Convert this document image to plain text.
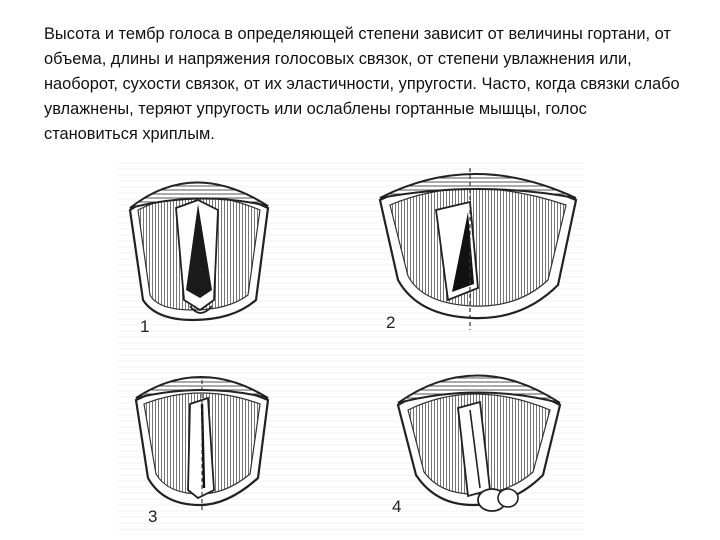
Высота и тембр голоса в определяющей степени зависит от величины гортани, от объема, длины и напряжения голосовых связок, от степени увлажнения или, наоборот, сухости связок, от их эластичности, упругости. Часто, когда связки слабо увлажнены, теряют упругость или ослаблены гортанные мышцы, голос становиться хриплым.

1	2
3
4
